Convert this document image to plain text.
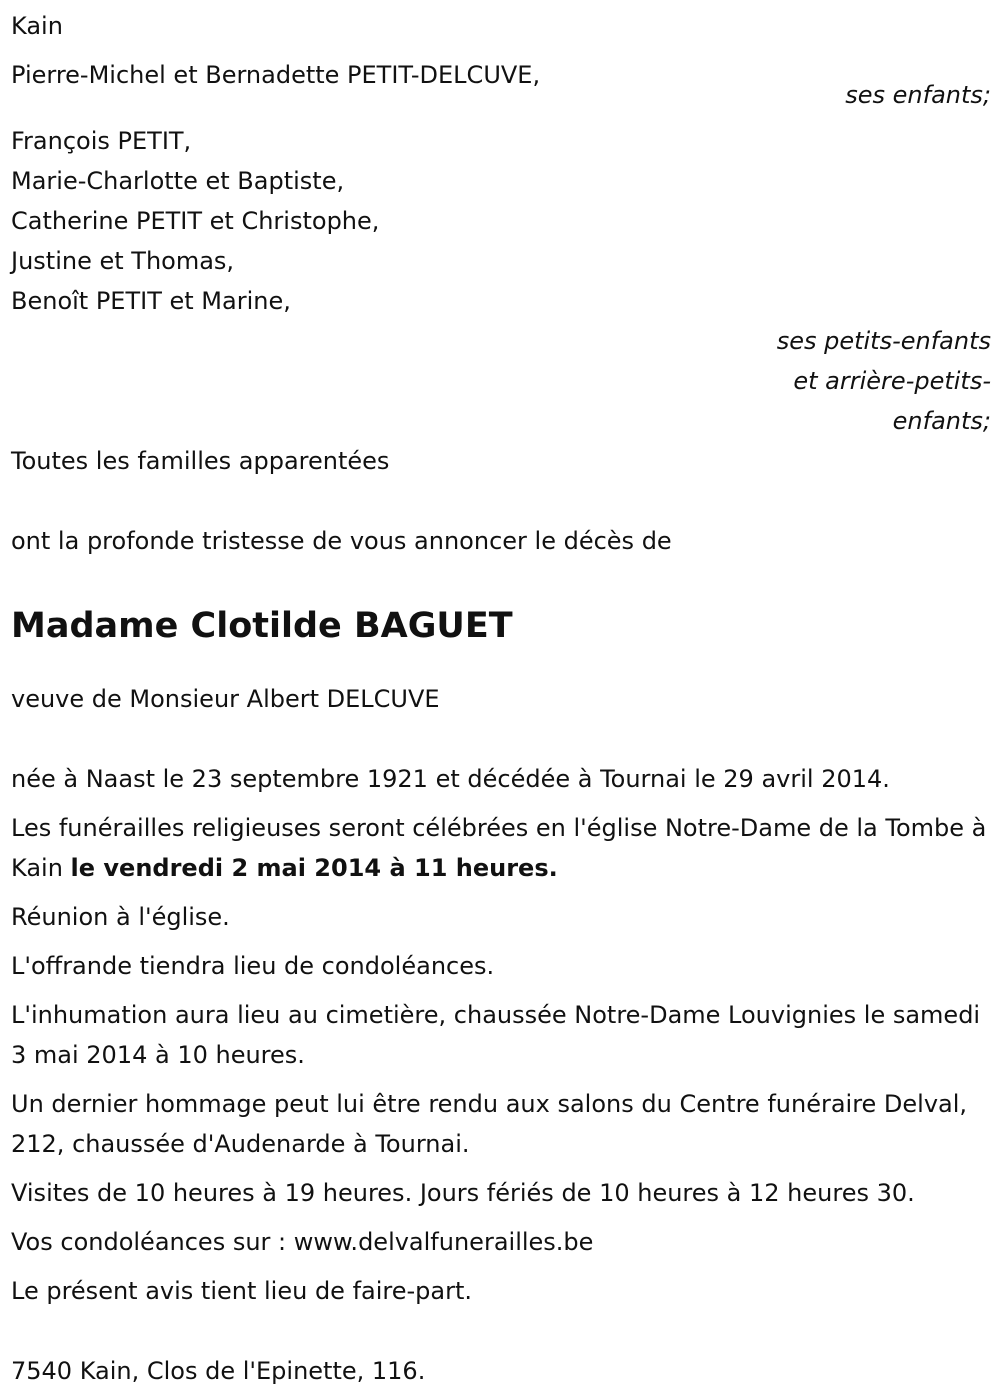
Kain
Pierre-Michel et Bernadette PETIT-DELCUVE,
ses enfants;
François PETIT,
Marie-Charlotte et Baptiste,
Catherine PETIT et Christophe,
Justine et Thomas,
Benoît PETIT et Marine,
ses petits-enfants
et arrière-petits-
enfants;
Toutes les familles apparentées
ont la profonde tristesse de vous annoncer le décès de
Madame Clotilde BAGUET
veuve de Monsieur Albert DELCUVE
née à Naast le 23 septembre 1921 et décédée à Tournai le 29 avril 2014.
Les funérailles religieuses seront célébrées en l'église Notre-Dame de la Tombe à Kain le vendredi 2 mai 2014 à 11 heures.
Réunion à l'église.
L'offrande tiendra lieu de condoléances.
L'inhumation aura lieu au cimetière, chaussée Notre-Dame Louvignies le samedi 3 mai 2014 à 10 heures.
Un dernier hommage peut lui être rendu aux salons du Centre funéraire Delval, 212, chaussée d'Audenarde à Tournai.
Visites de 10 heures à 19 heures. Jours fériés de 10 heures à 12 heures 30.
Vos condoléances sur : www.delvalfunerailles.be
Le présent avis tient lieu de faire-part.
7540 Kain, Clos de l'Epinette, 116.
